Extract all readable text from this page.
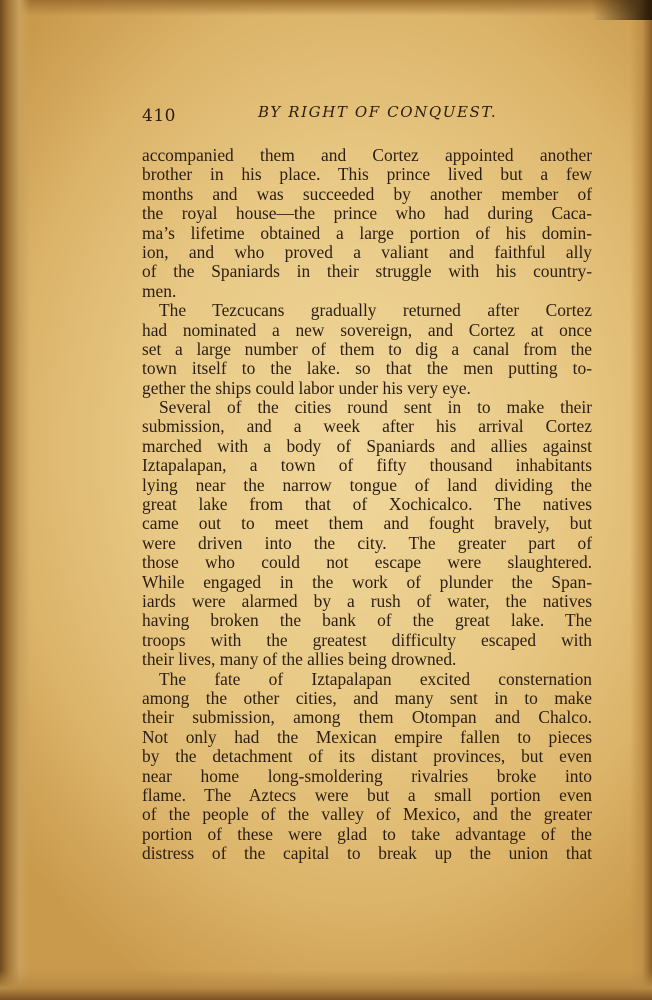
410	BY RIGHT OF CONQUEST.
accompanied them and Cortez appointed another
brother in his place. This prince lived but a few
months and was succeeded by another member of
the royal house—the prince who had during Caca-
ma’s lifetime obtained a large portion of his domin-
ion, and who proved a valiant and faithful ally
of the Spaniards in their struggle with his country-
men.
The Tezcucans gradually returned after Cortez
had nominated a new sovereign, and Cortez at once
set a large number of them to dig a canal from the
town itself to the lake. so that the men putting to-
gether the ships could labor under his very eye.
Several of the cities round sent in to make their
submission, and a week after his arrival Cortez
marched with a body of Spaniards and allies against
Iztapalapan, a town of fifty thousand inhabitants
lying near the narrow tongue of land dividing the
great lake from that of Xochicalco. The natives
came out to meet them and fought bravely, but
were driven into the city. The greater part of
those who could not escape were slaughtered.
While engaged in the work of plunder the Span-
iards were alarmed by a rush of water, the natives
having broken the bank of the great lake. The
troops with the greatest difficulty escaped with
their lives, many of the allies being drowned.
The fate of Iztapalapan excited consternation
among the other cities, and many sent in to make
their submission, among them Otompan and Chalco.
Not only had the Mexican empire fallen to pieces
by the detachment of its distant provinces, but even
near home long-smoldering rivalries broke into
flame. The Aztecs were but a small portion even
of the people of the valley of Mexico, and the greater
portion of these were glad to take advantage of the
distress of the capital to break up the union that
